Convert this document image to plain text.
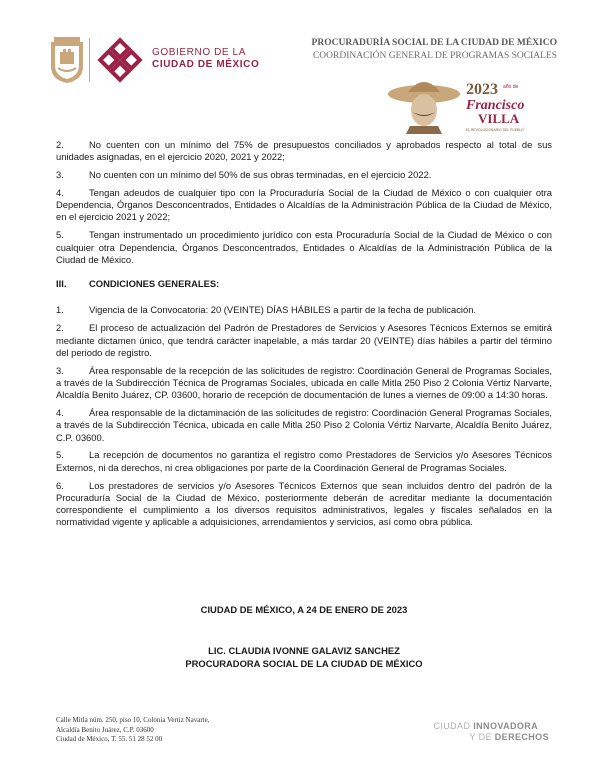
GOBIERNO DE LA
CIUDAD DE MÉXICO
PROCURADURÍA SOCIAL DE LA CIUDAD DE MÉXICO
COORDINACIÓN GENERAL DE PROGRAMAS SOCIALES
2023 año de
Francisco
VILLA
EL REVOLUCIONARIO DEL PUEBLO
2.	No cuenten con un mínimo del 75% de presupuestos conciliados y aprobados respecto al total de sus unidades asignadas, en el ejercicio 2020, 2021 y 2022;
3.	No cuenten con un mínimo del 50% de sus obras terminadas, en el ejercicio 2022.
4.	Tengan adeudos de cualquier tipo con la Procuraduría Social de la Ciudad de México o con cualquier otra Dependencia, Órganos Desconcentrados, Entidades o Alcaldías de la Administración Pública de la Ciudad de México, en el ejercicio 2021 y 2022;
5.	Tengan instrumentado un procedimiento jurídico con esta Procuraduría Social de la Ciudad de México o con cualquier otra Dependencia, Órganos Desconcentrados, Entidades o Alcaldías de la Administración Pública de la Ciudad de México.
III. CONDICIONES GENERALES:
1.	Vigencia de la Convocatoria: 20 (VEINTE) DÍAS HÁBILES a partir de la fecha de publicación.
2.	El proceso de actualización del Padrón de Prestadores de Servicios y Asesores Técnicos Externos se emitirá mediante dictamen único, que tendrá carácter inapelable, a más tardar 20 (VEINTE) días hábiles a partir del término del periodo de registro.
3.	Área responsable de la recepción de las solicitudes de registro: Coordinación General de Programas Sociales, a través de la Subdirección Técnica de Programas Sociales, ubicada en calle Mitla 250 Piso 2 Colonia Vértiz Narvarte, Alcaldía Benito Juárez, CP. 03600, horario de recepción de documentación de lunes a viernes de 09:00 a 14:30 horas.
4.	Área responsable de la dictaminación de las solicitudes de registro: Coordinación General Programas Sociales, a través de la Subdirección Técnica, ubicada en calle Mitla 250 Piso 2 Colonia Vértiz Narvarte, Alcaldía Benito Juárez, C.P. 03600.
5.	La recepción de documentos no garantiza el registro como Prestadores de Servicios y/o Asesores Técnicos Externos, ni da derechos, ni crea obligaciones por parte de la Coordinación General de Programas Sociales.
6.	Los prestadores de servicios y/o Asesores Técnicos Externos que sean incluidos dentro del padrón de la Procuraduría Social de la Ciudad de México, posteriormente deberán de acreditar mediante la documentación correspondiente el cumplimiento a los diversos requisitos administrativos, legales y fiscales señalados en la normatividad vigente y aplicable a adquisiciones, arrendamientos y servicios, así como obra pública.
CIUDAD DE MÉXICO, A 24 DE ENERO DE 2023
LIC. CLAUDIA IVONNE GALAVIZ SANCHEZ
PROCURADORA SOCIAL DE LA CIUDAD DE MÉXICO
Calle Mitla núm. 250, piso 10, Colonia Vertiz Navarte,
Alcaldía Benito Juárez, C.P. 03600
Ciudad de México, T. 55. 51 28 52 00
CIUDAD INNOVADORA
Y DE DERECHOS
